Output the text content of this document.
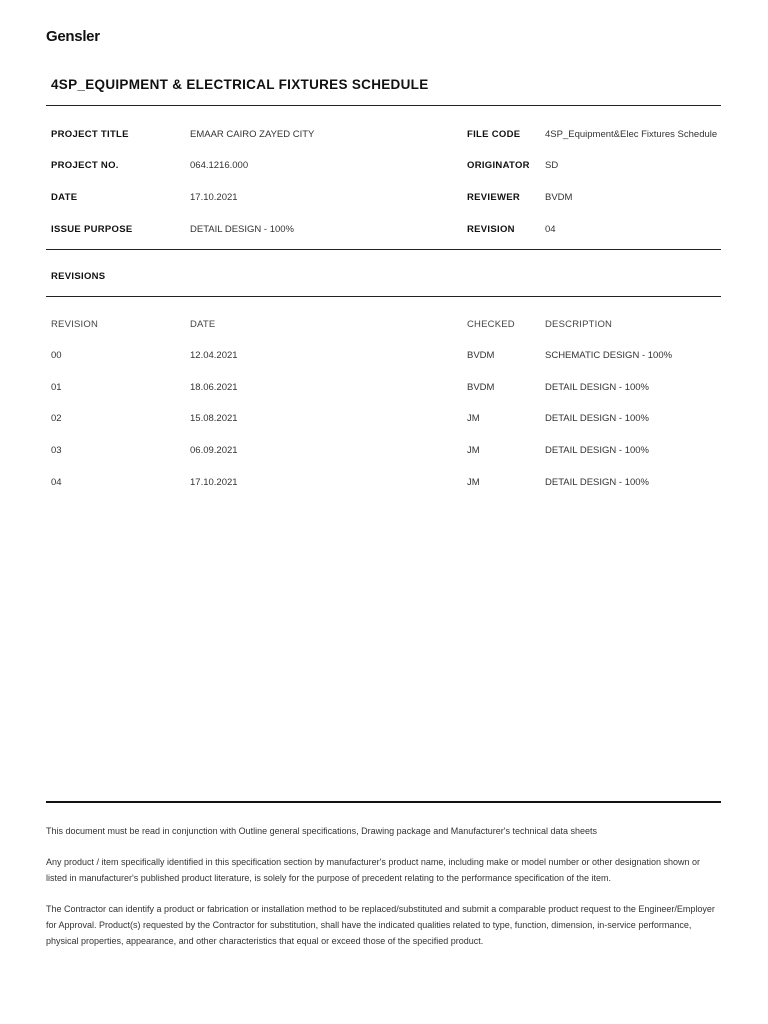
Gensler
4SP_EQUIPMENT & ELECTRICAL FIXTURES SCHEDULE
PROJECT TITLE	EMAAR CAIRO ZAYED CITY	FILE CODE	4SP_Equipment&Elec Fixtures Schedule
PROJECT NO.	064.1216.000	ORIGINATOR SD
DATE	17.10.2021	REVIEWER	BVDM
ISSUE PURPOSE	DETAIL DESIGN - 100%	REVISION	04
REVISIONS
REVISION	DATE	CHECKED	DESCRIPTION
00	12.04.2021	BVDM	SCHEMATIC DESIGN - 100%
01	18.06.2021	BVDM	DETAIL DESIGN - 100%
02	15.08.2021	JM	DETAIL DESIGN - 100%
03	06.09.2021	JM	DETAIL DESIGN - 100%
04	17.10.2021	JM	DETAIL DESIGN - 100%

This document must be read in conjunction with Outline general specifications, Drawing package and Manufacturer's technical data sheets

Any product / item specifically identified in this specification section by manufacturer's product name, including make or model number or other designation shown or listed in manufacturer's published product literature, is solely for the purpose of precedent relating to the performance specification of the item.

The Contractor can identify a product or fabrication or installation method to be replaced/substituted and submit a comparable product request to the Engineer/Employer for Approval. Product(s) requested by the Contractor for substitution, shall have the indicated qualities related to type, function, dimension, in-service performance, physical properties, appearance, and other characteristics that equal or exceed those of the specified product.
